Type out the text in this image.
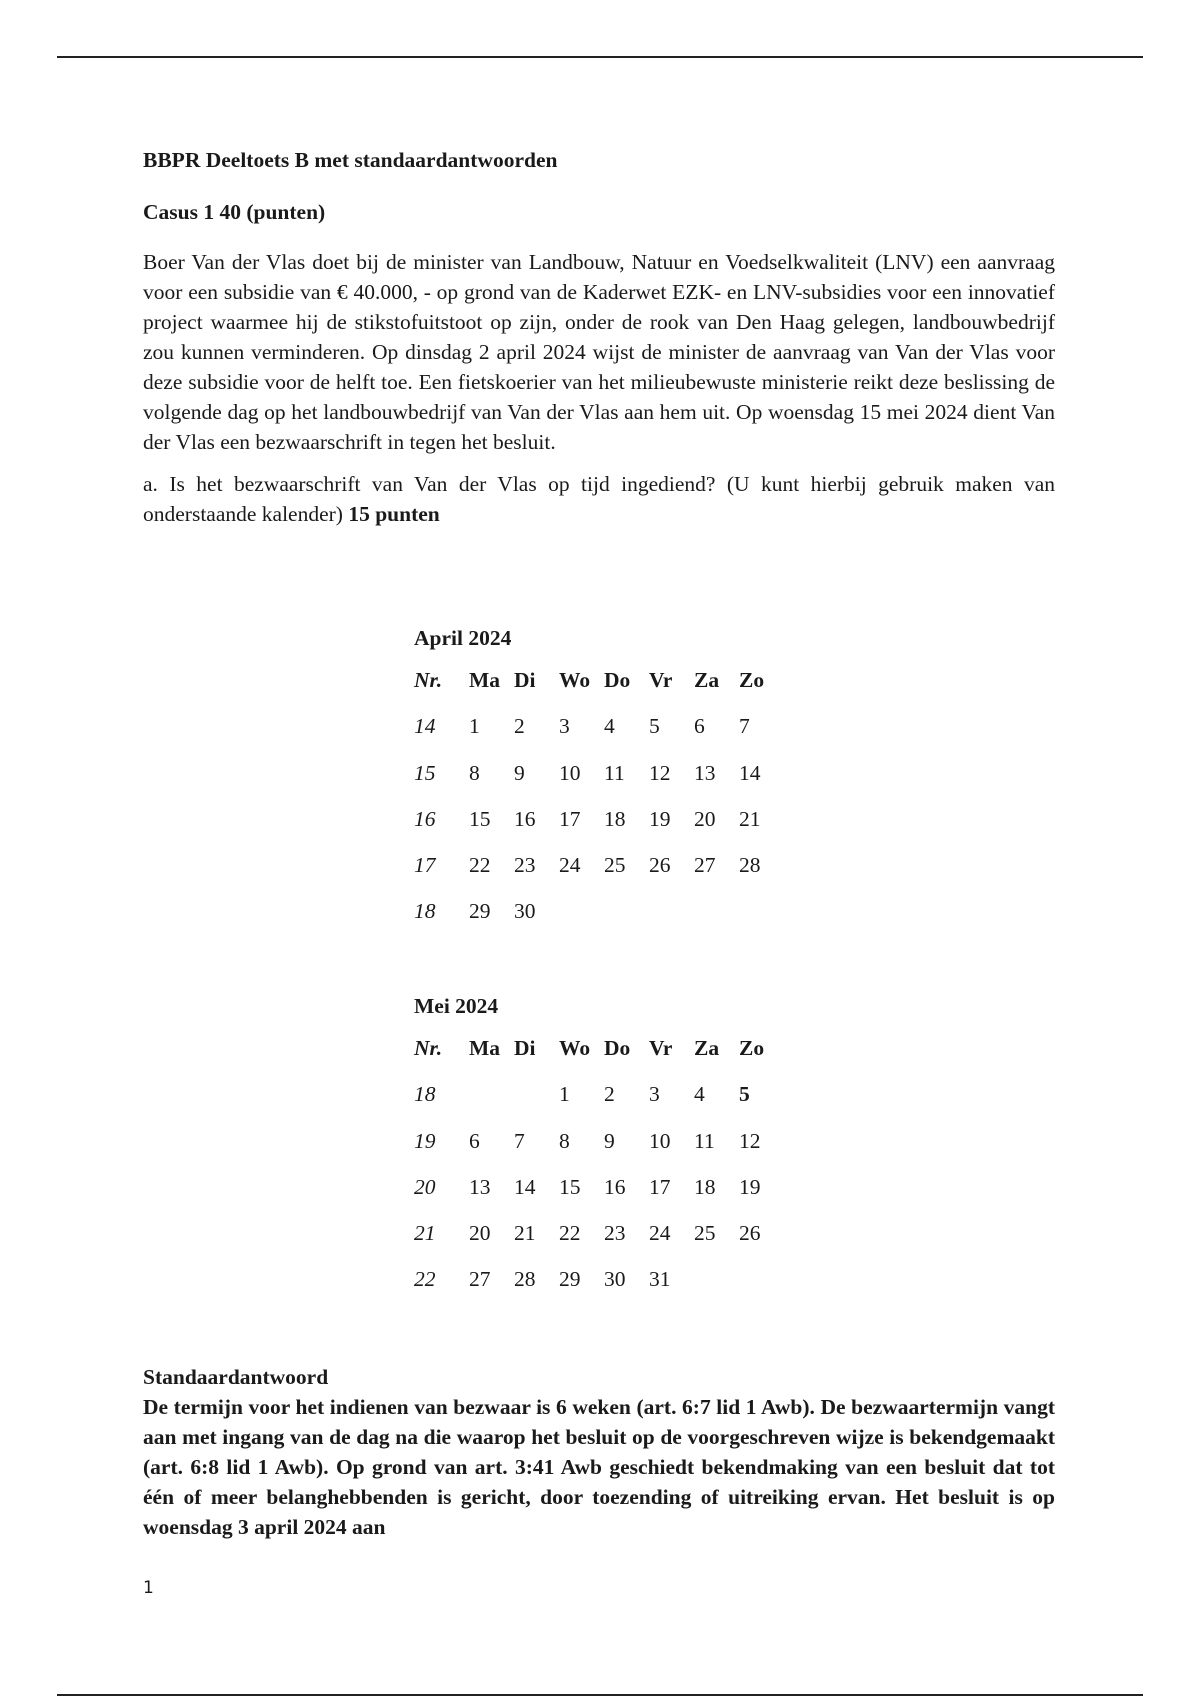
BBPR Deeltoets B met standaardantwoorden

Casus 1 40 (punten)

Boer Van der Vlas doet bij de minister van Landbouw, Natuur en Voedselkwaliteit (LNV) een aanvraag voor een subsidie van € 40.000, - op grond van de Kaderwet EZK- en LNV-subsidies voor een innovatief project waarmee hij de stikstofuitstoot op zijn, onder de rook van Den Haag gelegen, landbouwbedrijf zou kunnen verminderen. Op dinsdag 2 april 2024 wijst de minister de aanvraag van Van der Vlas voor deze subsidie voor de helft toe. Een fietskoerier van het milieubewuste ministerie reikt deze beslissing de volgende dag op het landbouwbedrijf van Van der Vlas aan hem uit. Op woensdag 15 mei 2024 dient Van der Vlas een bezwaarschrift in tegen het besluit.

a. Is het bezwaarschrift van Van der Vlas op tijd ingediend? (U kunt hierbij gebruik maken van onderstaande kalender) 15 punten

April 2024
Nr.	Ma	Di	Wo	Do	Vr	Za	Zo
14	1	2	3	4	5	6	7
15	8	9	10	11	12	13	14
16	15	16	17	18	19	20	21
17	22	23	24	25	26	27	28
18	29	30					
Mei 2024
Nr.	Ma	Di	Wo	Do	Vr	Za	Zo
18			1	2	3	4	5
19	6	7	8	9	10	11	12
20	13	14	15	16	17	18	19
21	20	21	22	23	24	25	26
22	27	28	29	30	31		

Standaardantwoord

De termijn voor het indienen van bezwaar is 6 weken (art. 6:7 lid 1 Awb). De bezwaartermijn vangt aan met ingang van de dag na die waarop het besluit op de voorgeschreven wijze is bekendgemaakt (art. 6:8 lid 1 Awb). Op grond van art. 3:41 Awb geschiedt bekendmaking van een besluit dat tot één of meer belanghebbenden is gericht, door toezending of uitreiking ervan. Het besluit is op woensdag 3 april 2024 aan

1
